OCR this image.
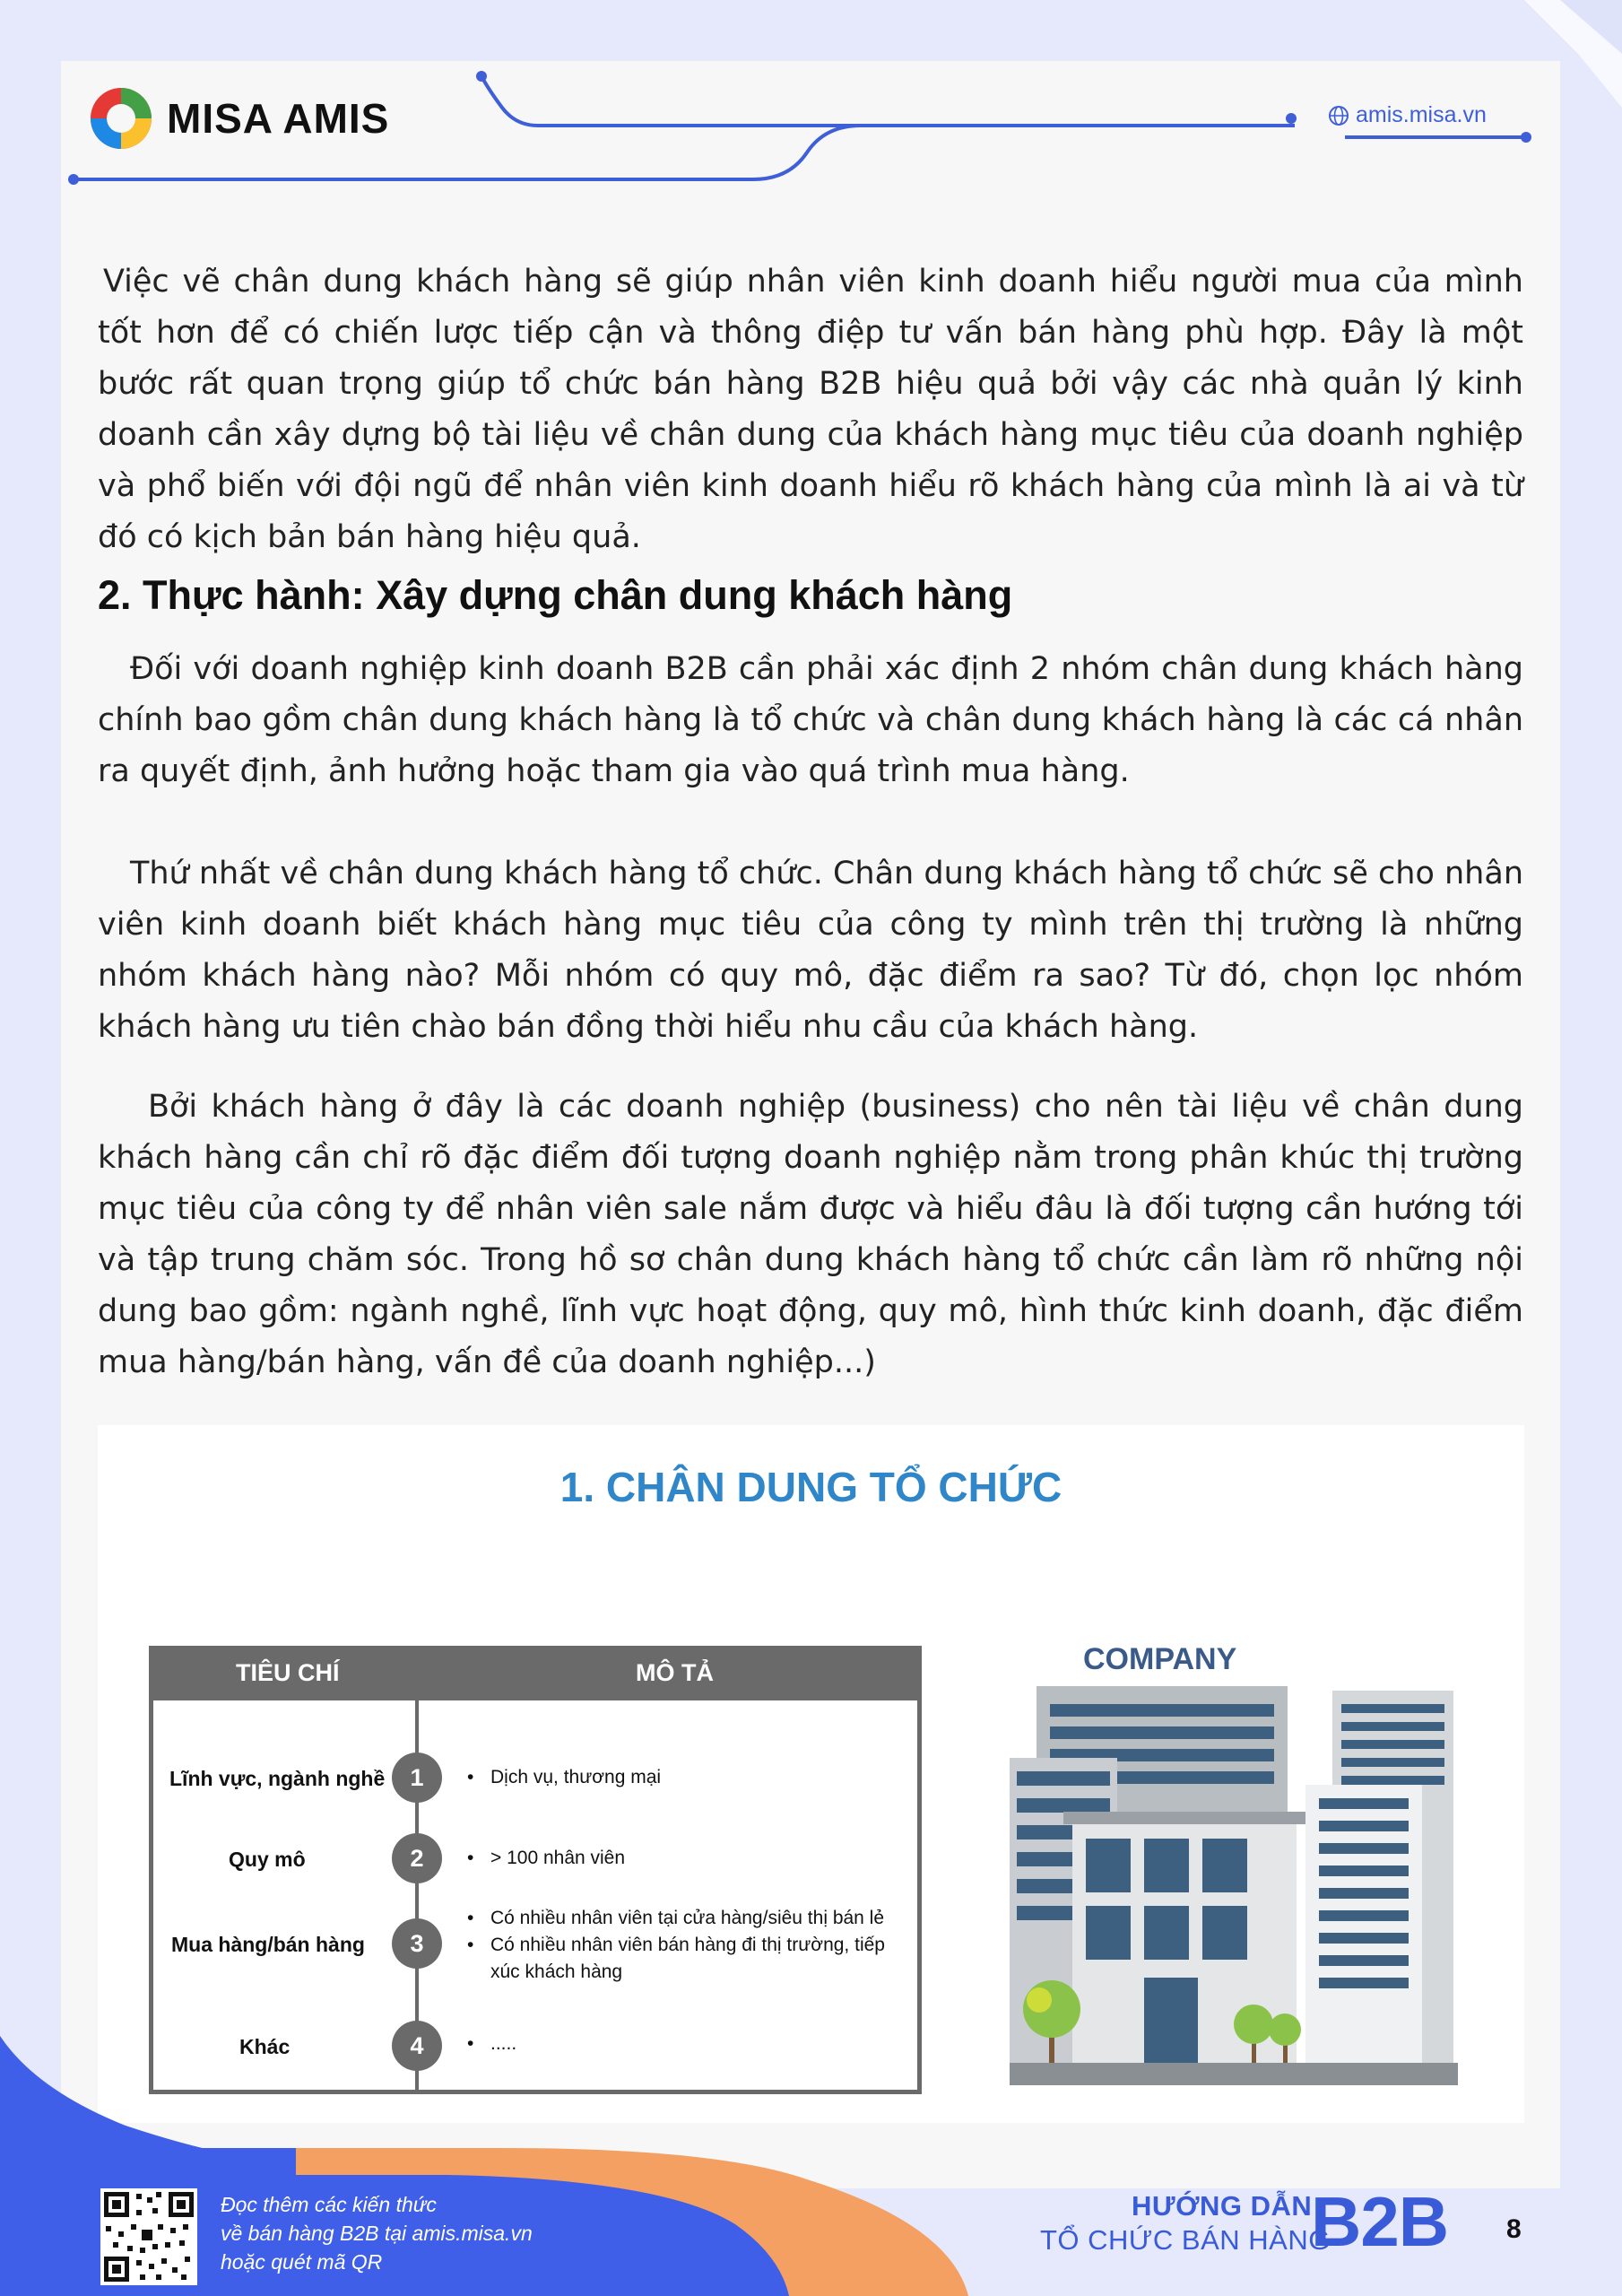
MISA AMIS	amis.misa.vn

Việc vẽ chân dung khách hàng sẽ giúp nhân viên kinh doanh hiểu người mua của mình tốt hơn để có chiến lược tiếp cận và thông điệp tư vấn bán hàng phù hợp. Đây là một bước rất quan trọng giúp tổ chức bán hàng B2B hiệu quả bởi vậy các nhà quản lý kinh doanh cần xây dựng bộ tài liệu về chân dung của khách hàng mục tiêu của doanh nghiệp và phổ biến với đội ngũ để nhân viên kinh doanh hiểu rõ khách hàng của mình là ai và từ đó có kịch bản bán hàng hiệu quả.

2. Thực hành: Xây dựng chân dung khách hàng

Đối với doanh nghiệp kinh doanh B2B cần phải xác định 2 nhóm chân dung khách hàng chính bao gồm chân dung khách hàng là tổ chức và chân dung khách hàng là các cá nhân ra quyết định, ảnh hưởng hoặc tham gia vào quá trình mua hàng.

Thứ nhất về chân dung khách hàng tổ chức. Chân dung khách hàng tổ chức sẽ cho nhân viên kinh doanh biết khách hàng mục tiêu của công ty mình trên thị trường là những nhóm khách hàng nào? Mỗi nhóm có quy mô, đặc điểm ra sao? Từ đó, chọn lọc nhóm khách hàng ưu tiên chào bán đồng thời hiểu nhu cầu của khách hàng.

Bởi khách hàng ở đây là các doanh nghiệp (business) cho nên tài liệu về chân dung khách hàng cần chỉ rõ đặc điểm đối tượng doanh nghiệp nằm trong phân khúc thị trường mục tiêu của công ty để nhân viên sale nắm được và hiểu đâu là đối tượng cần hướng tới và tập trung chăm sóc. Trong hồ sơ chân dung khách hàng tổ chức cần làm rõ những nội dung bao gồm: ngành nghề, lĩnh vực hoạt động, quy mô, hình thức kinh doanh, đặc điểm mua hàng/bán hàng, vấn đề của doanh nghiệp...)

1. CHÂN DUNG TỔ CHỨC
TIÊU CHÍ	MÔ TẢ
Lĩnh vực, ngành nghề	1	• Dịch vụ, thương mại
Quy mô	2	• > 100 nhân viên
Mua hàng/bán hàng	3
• Có nhiều nhân viên tại cửa hàng/siêu thị bán lẻ
• Có nhiều nhân viên bán hàng đi thị trường, tiếp
xúc khách hàng
Khác	4	• .....
COMPANY
Đọc thêm các kiến thức
về bán hàng B2B tại amis.misa.vn
hoặc quét mã QR
HƯỚNG DẪN
TỔ CHỨC BÁN HÀNG
B2B 8
